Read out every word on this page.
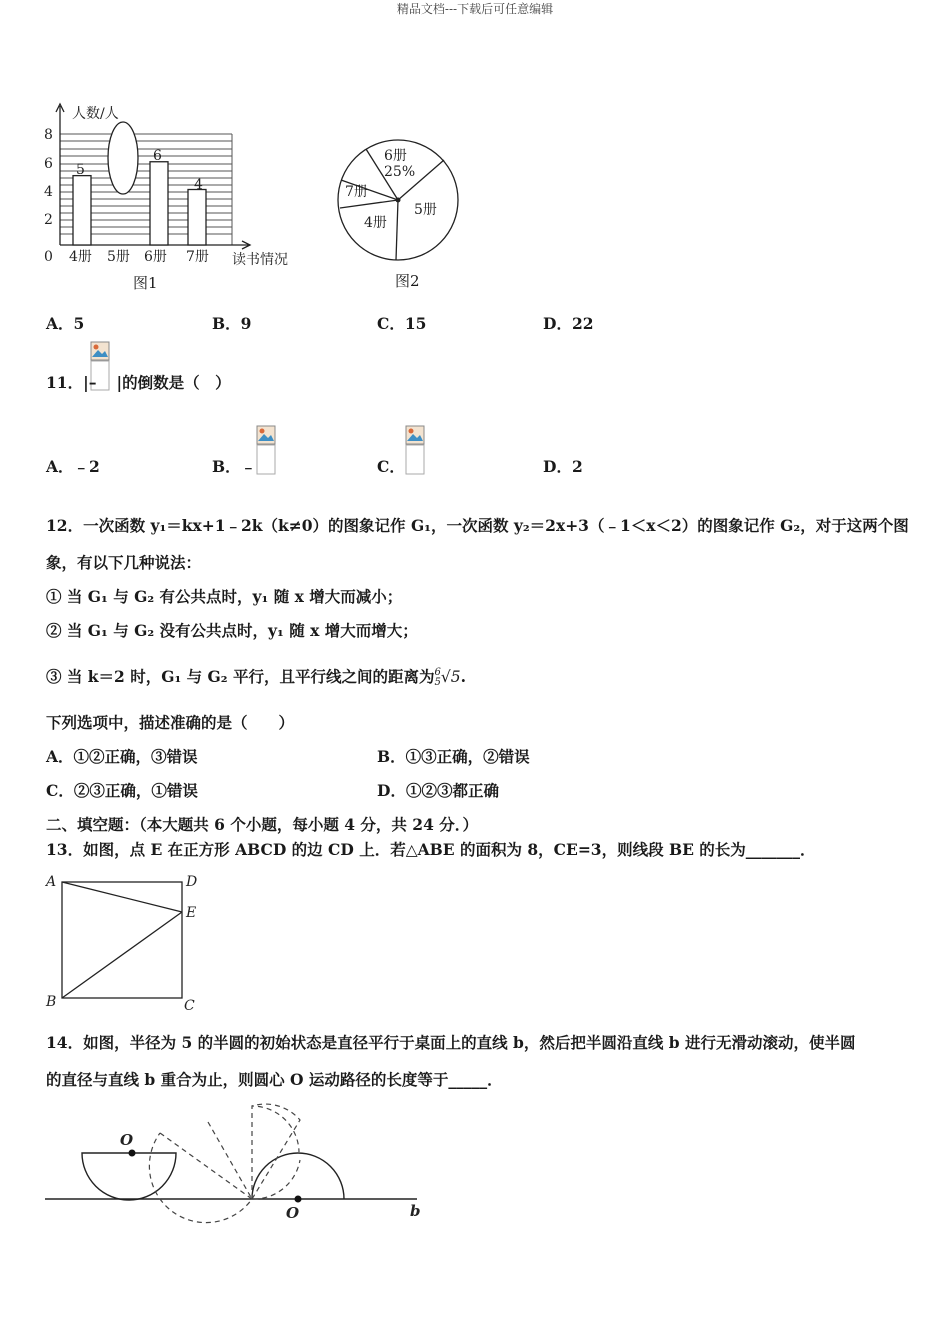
精品文档---下载后可任意编辑
人数/人
读书情况
0
8
6
4
2
4册 5册 6册 7册
5
6
4
图1
6册
25%
5册
4册
7册
图2
A．5	B．9	C．15	D．22
11．|– |的倒数是（　）
A．﹣2	B．﹣	C．	D．2
12．一次函数 y₁＝kx+1﹣2k（k≠0）的图象记作 G₁，一次函数 y₂＝2x+3（﹣1＜x＜2）的图象记作 G₂，对于这两个图
象，有以下几种说法：
① 当 G₁ 与 G₂ 有公共点时，y₁ 随 x 增大而减小；
② 当 G₁ 与 G₂ 没有公共点时，y₁ 随 x 增大而增大；
③ 当 k＝2 时，G₁ 与 G₂ 平行，且平行线之间的距离为 6
5 √5.
下列选项中，描述准确的是（　　）
A．①②正确，③错误	B．①③正确，②错误
C．②③正确，①错误	D．①②③都正确
二、填空题：（本大题共 6 个小题，每小题 4 分，共 24 分．）
13．如图，点 E 在正方形 ABCD 的边 CD 上．若△ABE 的面积为 8，CE=3，则线段 BE 的长为_______．
A	D
E
B	C
14．如图，半径为 5 的半圆的初始状态是直径平行于桌面上的直线 b，然后把半圆沿直线 b 进行无滑动滚动，使半圆
的直径与直线 b 重合为止，则圆心 O 运动路径的长度等于_____．
O
O	b
